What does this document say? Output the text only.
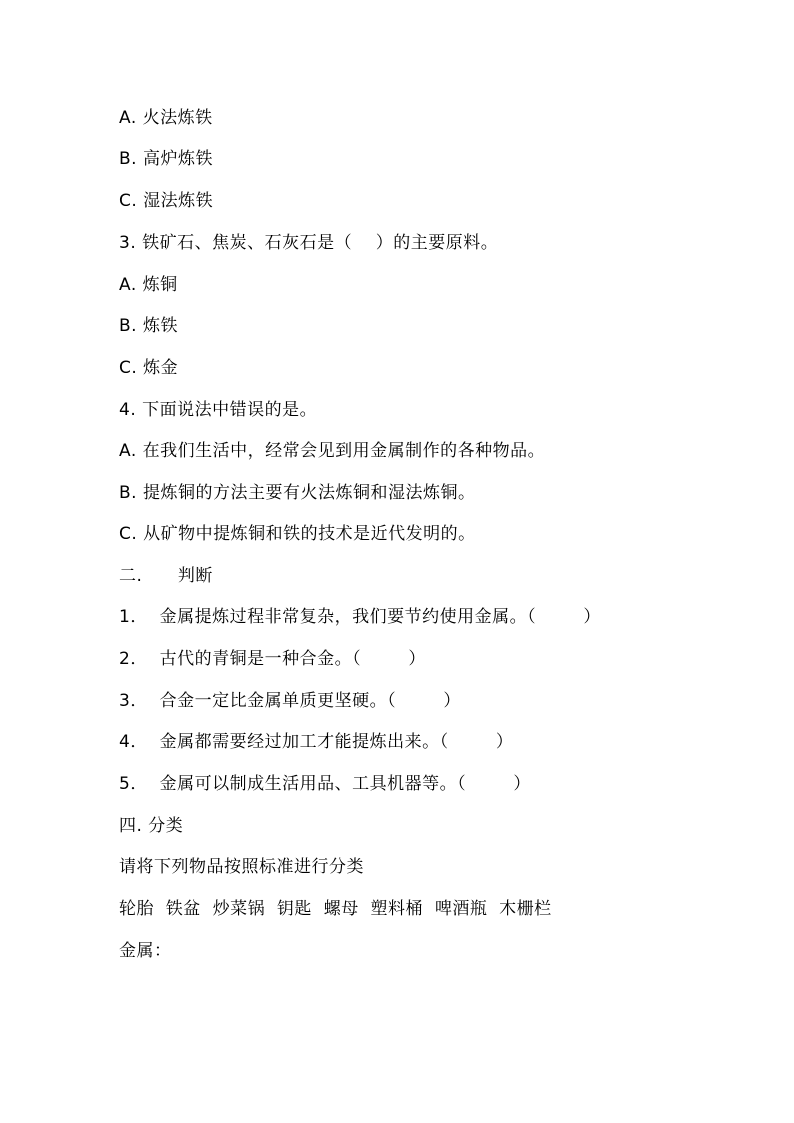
A. 火法炼铁
B. 高炉炼铁
C. 湿法炼铁
3. 铁矿石、焦炭、石灰石是（    ）的主要原料。
A. 炼铜
B. 炼铁
C. 炼金
4. 下面说法中错误的是。
A. 在我们生活中，经常会见到用金属制作的各种物品。
B. 提炼铜的方法主要有火法炼铜和湿法炼铜。
C. 从矿物中提炼铜和铁的技术是近代发明的。
二.      判断
1．  金属提炼过程非常复杂，我们要节约使用金属。（        ）
2．  古代的青铜是一种合金。（        ）
3．  合金一定比金属单质更坚硬。（        ）
4．  金属都需要经过加工才能提炼出来。（        ）
5．  金属可以制成生活用品、工具机器等。（        ）
四. 分类
请将下列物品按照标准进行分类
轮胎  铁盆  炒菜锅  钥匙  螺母  塑料桶  啤酒瓶  木栅栏
金属：
